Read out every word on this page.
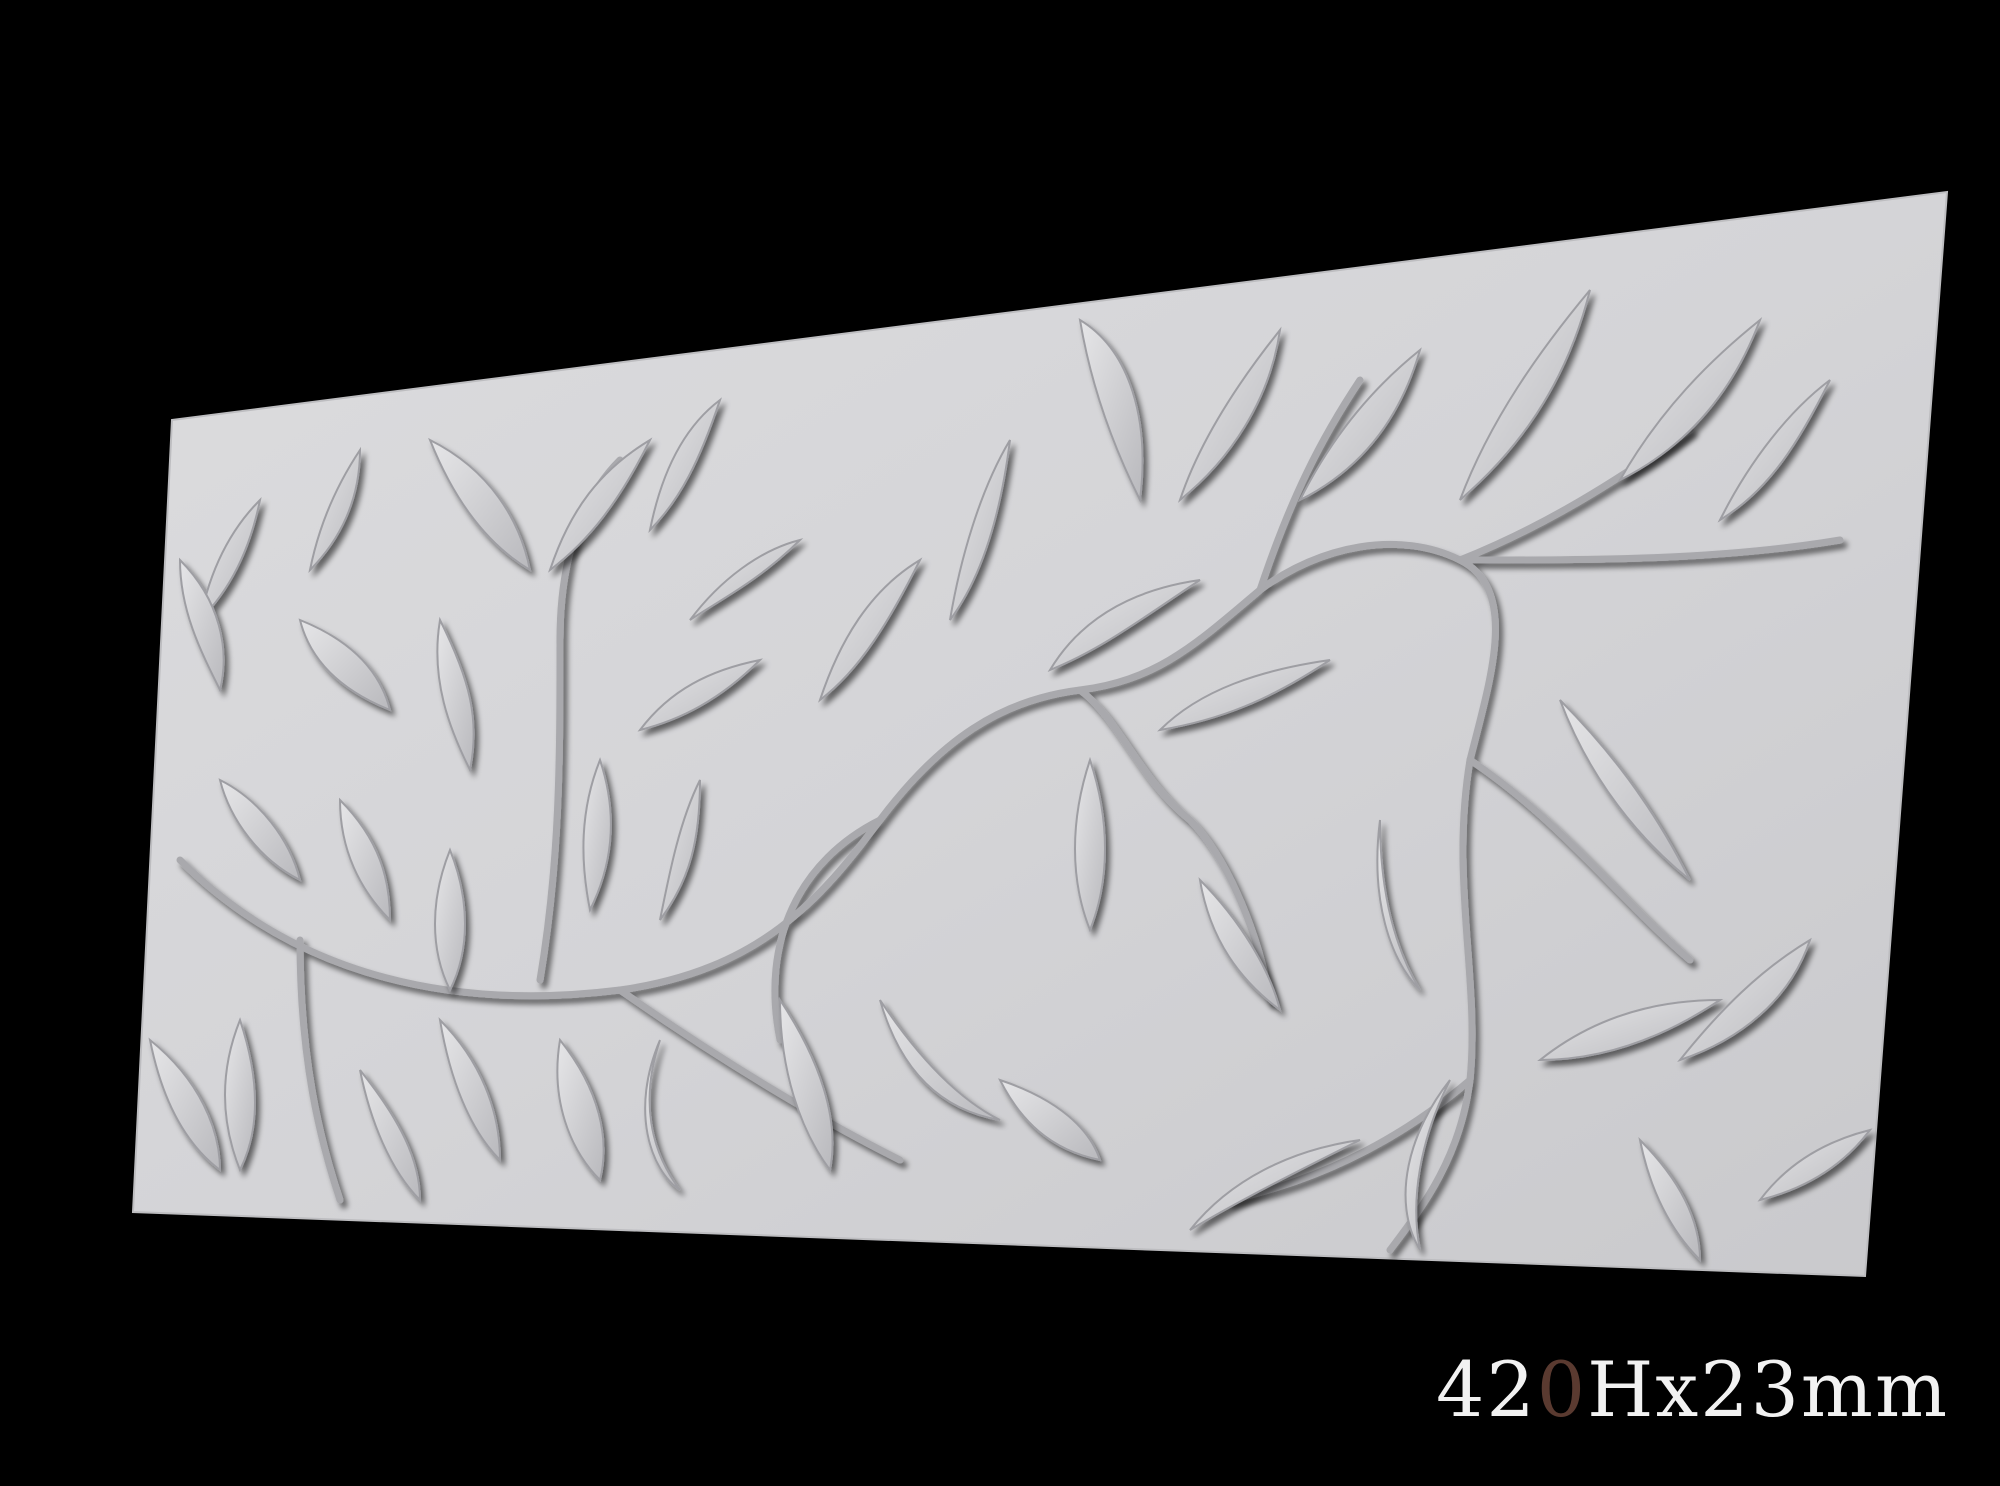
420Hx23mm
